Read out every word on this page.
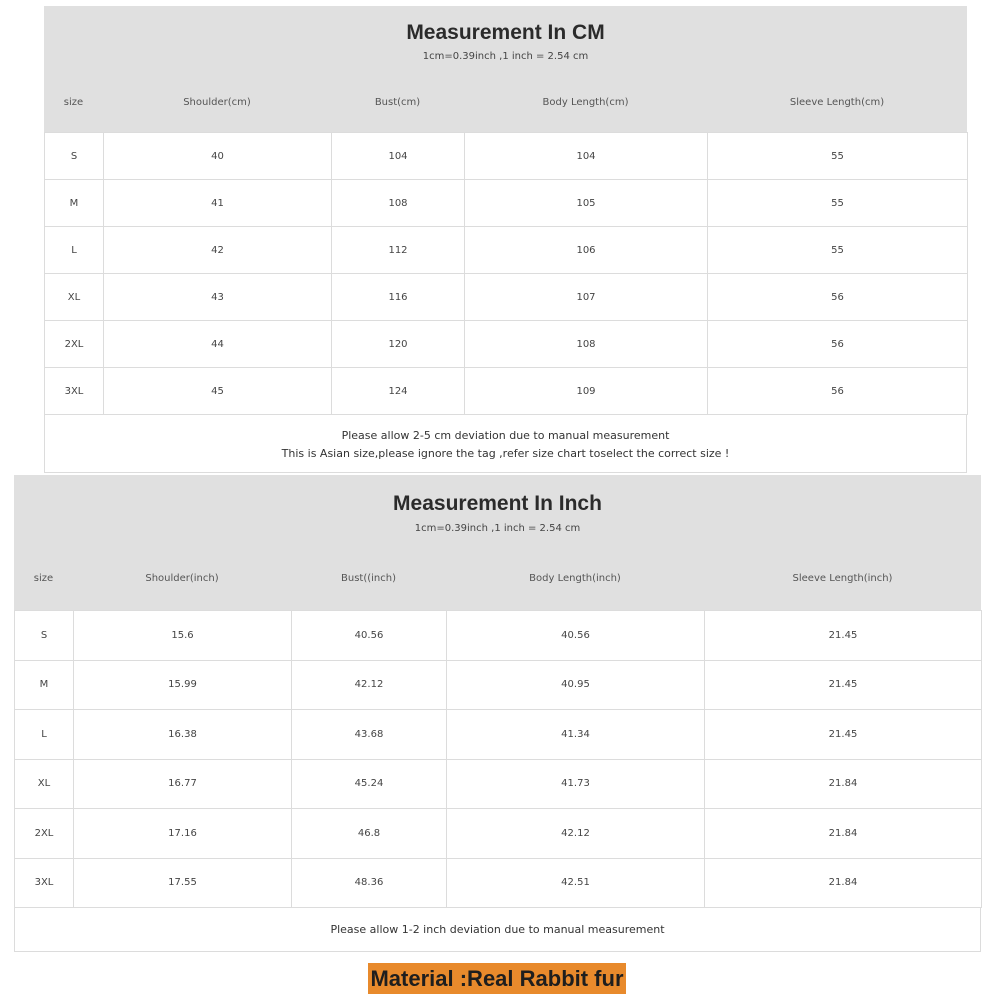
Measurement In CM
1cm=0.39inch ,1 inch = 2.54 cm
size	Shoulder(cm)	Bust(cm)	Body Length(cm)	Sleeve Length(cm)
S	40	104	104	55
M	41	108	105	55
L	42	112	106	55
XL	43	116	107	56
2XL	44	120	108	56
3XL	45	124	109	56
Please allow 2-5 cm deviation due to manual measurement
This is Asian size,please ignore the tag ,refer size chart toselect the correct size !
Measurement In Inch
1cm=0.39inch ,1 inch = 2.54 cm
size	Shoulder(inch)	Bust((inch)	Body Length(inch)	Sleeve Length(inch)
S	15.6	40.56	40.56	21.45
M	15.99	42.12	40.95	21.45
L	16.38	43.68	41.34	21.45
XL	16.77	45.24	41.73	21.84
2XL	17.16	46.8	42.12	21.84
3XL	17.55	48.36	42.51	21.84
Please allow 1-2 inch deviation due to manual measurement
Material :Real Rabbit fur
